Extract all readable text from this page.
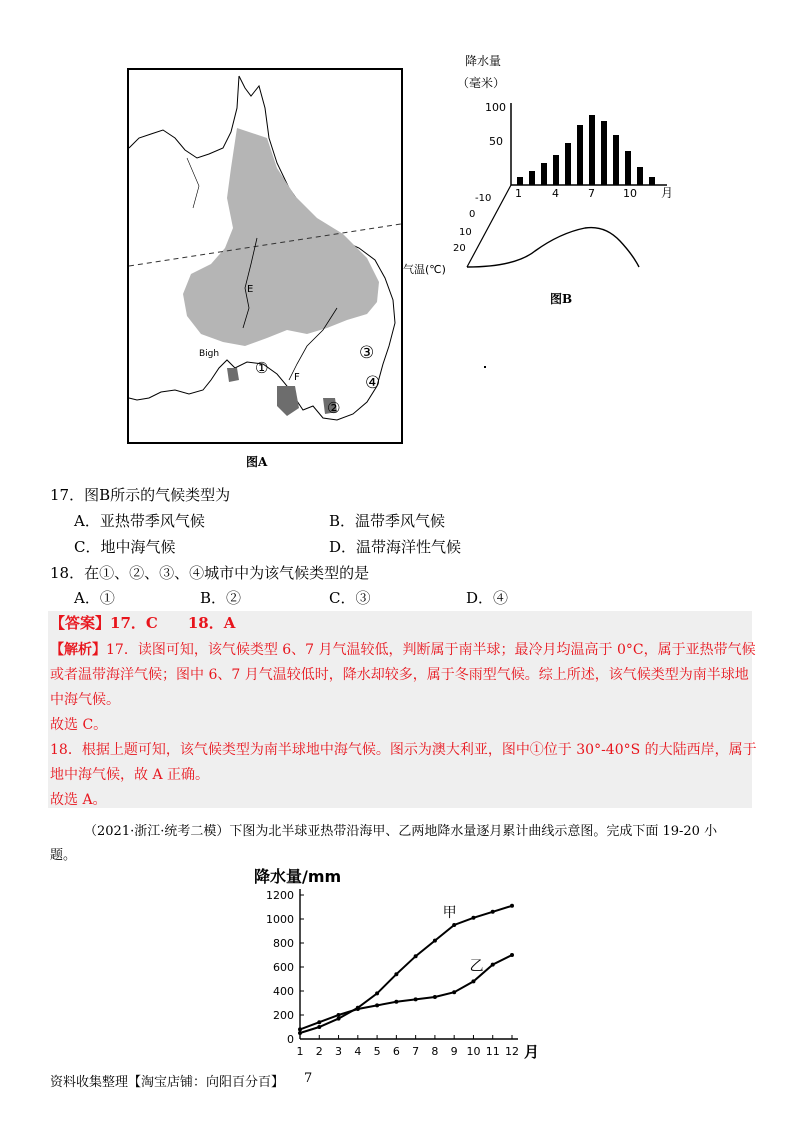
E
F
Bigh
①
②
③
④
图A
降水量
（毫米）
100
50
1	4	7	10 月
-10
0
10
20
气温(℃)
图B
17．图B所示的气候类型为
A．亚热带季风气候	B．温带季风气候
C．地中海气候	D．温带海洋性气候
18．在①、②、③、④城市中为该气候类型的是
A．①	B．②	C．③	D．④
【答案】17．C　　18．A
【解析】17．读图可知，该气候类型 6、7 月气温较低，判断属于南半球；最冷月均温高于 0°C，属于亚热带气候
或者温带海洋气候；图中 6、7 月气温较低时，降水却较多，属于冬雨型气候。综上所述，该气候类型为南半球地
中海气候。
故选 C。
18．根据上题可知，该气候类型为南半球地中海气候。图示为澳大利亚，图中①位于 30°-40°S 的大陆西岸，属于
地中海气候，故 A 正确。
故选 A。
（2021·浙江·统考二模）下图为北半球亚热带沿海甲、乙两地降水量逐月累计曲线示意图。完成下面 19-20 小
题。
降水量/mm
0
200
400
600
800
1000
1200
1 2 3 4 5 6 7 8 9 10 11 12 月
甲
乙
资料收集整理【淘宝店铺：向阳百分百】 7
